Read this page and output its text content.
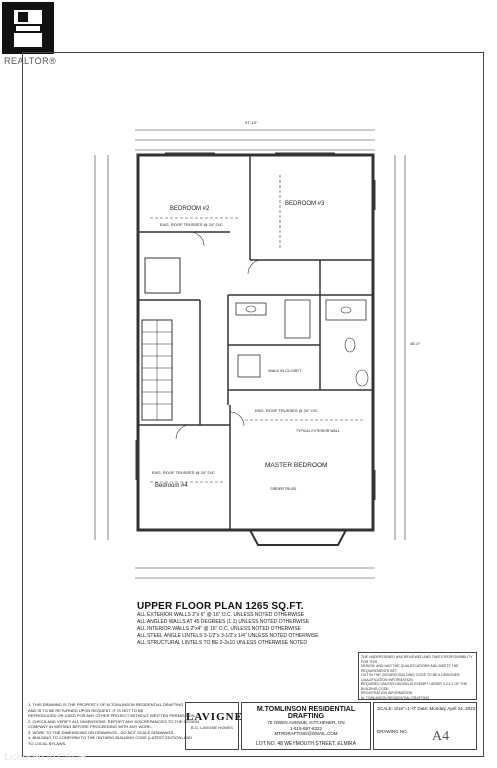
REALTOR®
BEDROOM #2
BEDROOM #3
Bedroom #4
MASTER BEDROOM
WALK IN CLOSET
ENG. ROOF TRUSSES @ 24" O/C
ENG. ROOF TRUSSES @ 24" O/C
ENG. ROOF TRUSSES @ 24" O/C
TYPICAL EXTERIOR WALL
GIRDER TRUSS
37'-10"
48'-0"
UPPER FLOOR PLAN 1265 SQ.FT.
ALL EXTERIOR WALLS 2"x 6" @ 16" O.C. UNLESS NOTED OTHERWISE
ALL ANGLED WALLS AT 45 DEGREES (1:1) UNLESS NOTED OTHERWISE
ALL INTERIOR WALLS 2"x4" @ 16" O.C. UNLESS NOTED OTHERWISE
ALL STEEL ANGLE LINTELS 3-1/2"x 3-1/2"x 1/4" UNLESS NOTED OTHERWISE
ALL STRUCTURAL LINTELS TO BE 2-2x10 UNLESS OTHERWISE NOTED
THE UNDERSIGNED HAS REVIEWED AND TAKES RESPONSIBILITY FOR THIS
DESIGN, AND HAS THE QUALIFICATIONS AND MEETS THE REQUIREMENTS SET
OUT IN THE ONTARIO BUILDING CODE TO BE A DESIGNER.
QUALIFICATION INFORMATION
REQUIRED UNLESS DESIGN IS EXEMPT UNDER 3.2.4.1 OF THE BUILDING CODE
REGISTRATION INFORMATION
M. TOMLINSON RESIDENTIAL DRAFTING
1. THIS DRAWING IS THE PROPERTY OF M.TOMLINSON RESIDENTIAL DRAFTING
AND IS TO BE RETURNED UPON REQUEST. IT IS NOT TO BE
REPRODUCED OR USED FOR ANY OTHER PROJECT WITHOUT WRITTEN PERMISSION.
2. CHECK AND VERIFY ALL DIMENSIONS. REPORT ANY DISCREPANCIES TO THE DESIGN
COMPANY IN WRITING BEFORE PROCEEDING WITH ANY WORK.
3. WORK TO THE DIMENSIONS ON DRAWINGS - DO NOT SCALE DRAWINGS.
4. BUILDING TO CONFORM TO THE ONTARIO BUILDING CODE (LATEST EDITION) AND
TO LOCAL BYLAWS.
LAVIGNE
B.G. LAVIGNE HOMES
M.TOMLINSON RESIDENTIAL DRAFTING
75 OWEN AVENUE, KITCHENER, ON
1-519-897-6322
MTRDRAFTING@GMAIL.COM
LOT NO. 48 WEYMOUTH STREET, ELMIRA
SCALE: 3/16"=1'-0" Date: Monday, April 24, 2023
DRAWING NO. A4
Licensed to CAOR
